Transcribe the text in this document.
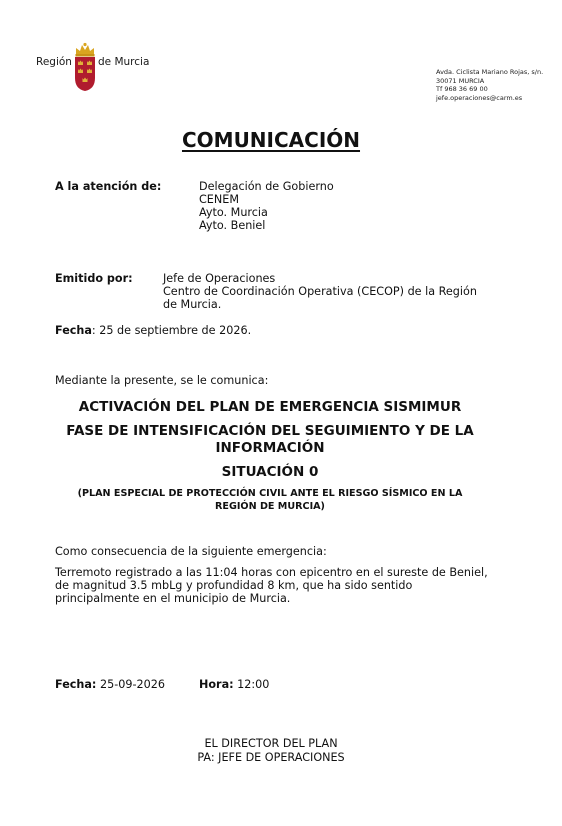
Región de Murcia
Avda. Ciclista Mariano Rojas, s/n.
30071 MURCIA
Tf 968 36 69 00
jefe.operaciones@carm.es
COMUNICACIÓN
A la atención de:	Delegación de Gobierno
CENEM
Ayto. Murcia
Ayto. Beniel
Emitido por:	Jefe de Operaciones
Centro de Coordinación Operativa (CECOP) de la Región
de Murcia.
Fecha: 25 de septiembre de 2026.
Mediante la presente, se le comunica:
ACTIVACIÓN DEL PLAN DE EMERGENCIA SISMIMUR
FASE DE INTENSIFICACIÓN DEL SEGUIMIENTO Y DE LA
INFORMACIÓN
SITUACIÓN 0
(PLAN ESPECIAL DE PROTECCIÓN CIVIL ANTE EL RIESGO SÍSMICO EN LA
REGIÓN DE MURCIA)
Como consecuencia de la siguiente emergencia:
Terremoto registrado a las 11:04 horas con epicentro en el sureste de Beniel,
de magnitud 3.5 mbLg y profundidad 8 km, que ha sido sentido
principalmente en el municipio de Murcia.
Fecha: 25-09-2026	Hora: 12:00
EL DIRECTOR DEL PLAN
PA: JEFE DE OPERACIONES
